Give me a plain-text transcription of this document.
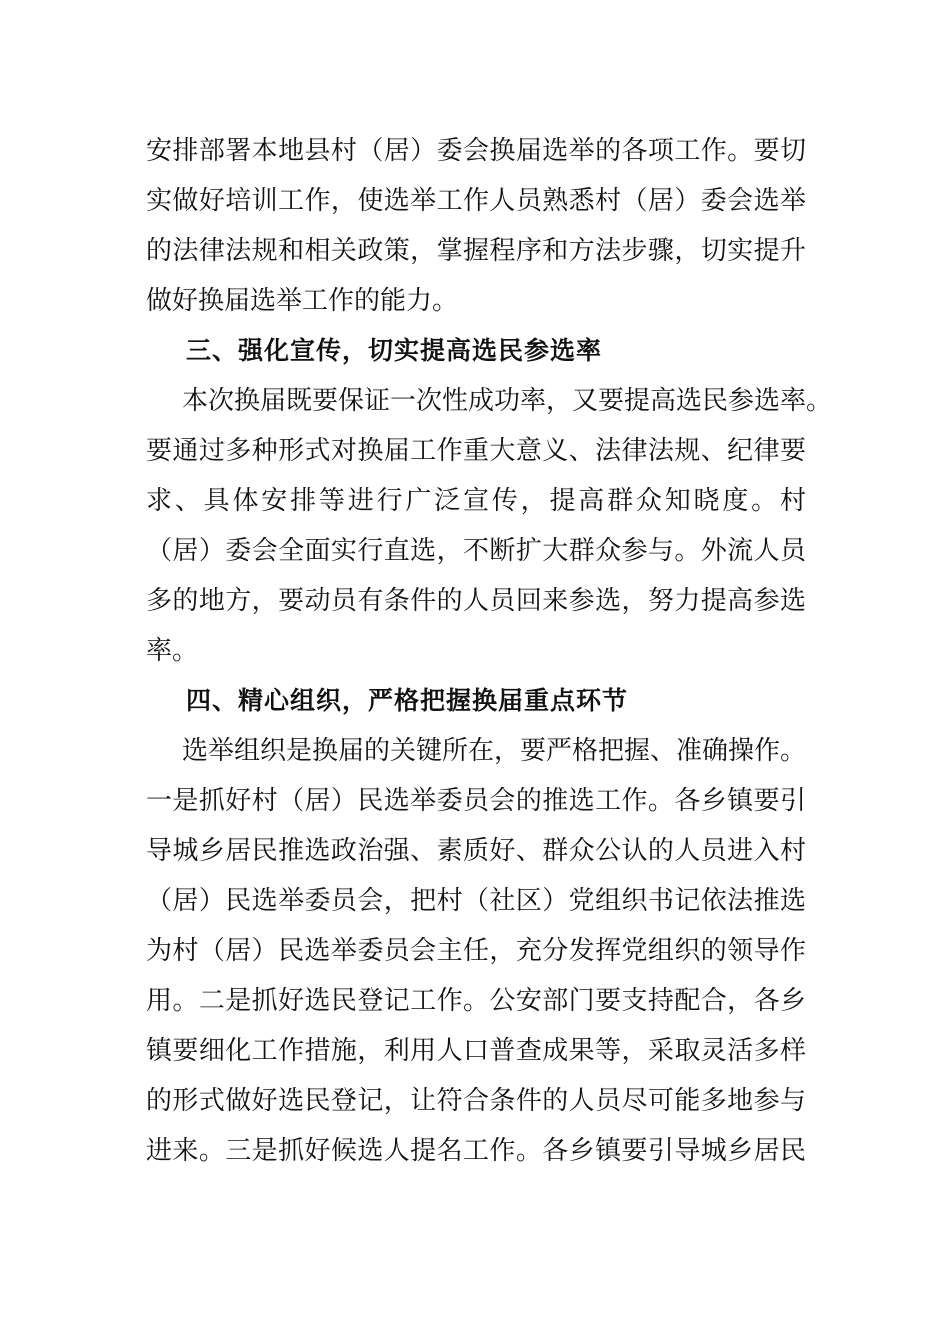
安排部署本地县村（居）委会换届选举的各项工作。要切
实做好培训工作，使选举工作人员熟悉村（居）委会选举
的法律法规和相关政策，掌握程序和方法步骤，切实提升
做好换届选举工作的能力。
三、强化宣传，切实提高选民参选率
本次换届既要保证一次性成功率，又要提高选民参选率。
要通过多种形式对换届工作重大意义、法律法规、纪律要
求、具体安排等进行广泛宣传，提高群众知晓度。村
（居）委会全面实行直选，不断扩大群众参与。外流人员
多的地方，要动员有条件的人员回来参选，努力提高参选
率。
四、精心组织，严格把握换届重点环节
选举组织是换届的关键所在，要严格把握、准确操作。
一是抓好村（居）民选举委员会的推选工作。各乡镇要引
导城乡居民推选政治强、素质好、群众公认的人员进入村
（居）民选举委员会，把村（社区）党组织书记依法推选
为村（居）民选举委员会主任，充分发挥党组织的领导作
用。二是抓好选民登记工作。公安部门要支持配合，各乡
镇要细化工作措施，利用人口普查成果等，采取灵活多样
的形式做好选民登记，让符合条件的人员尽可能多地参与
进来。三是抓好候选人提名工作。各乡镇要引导城乡居民
